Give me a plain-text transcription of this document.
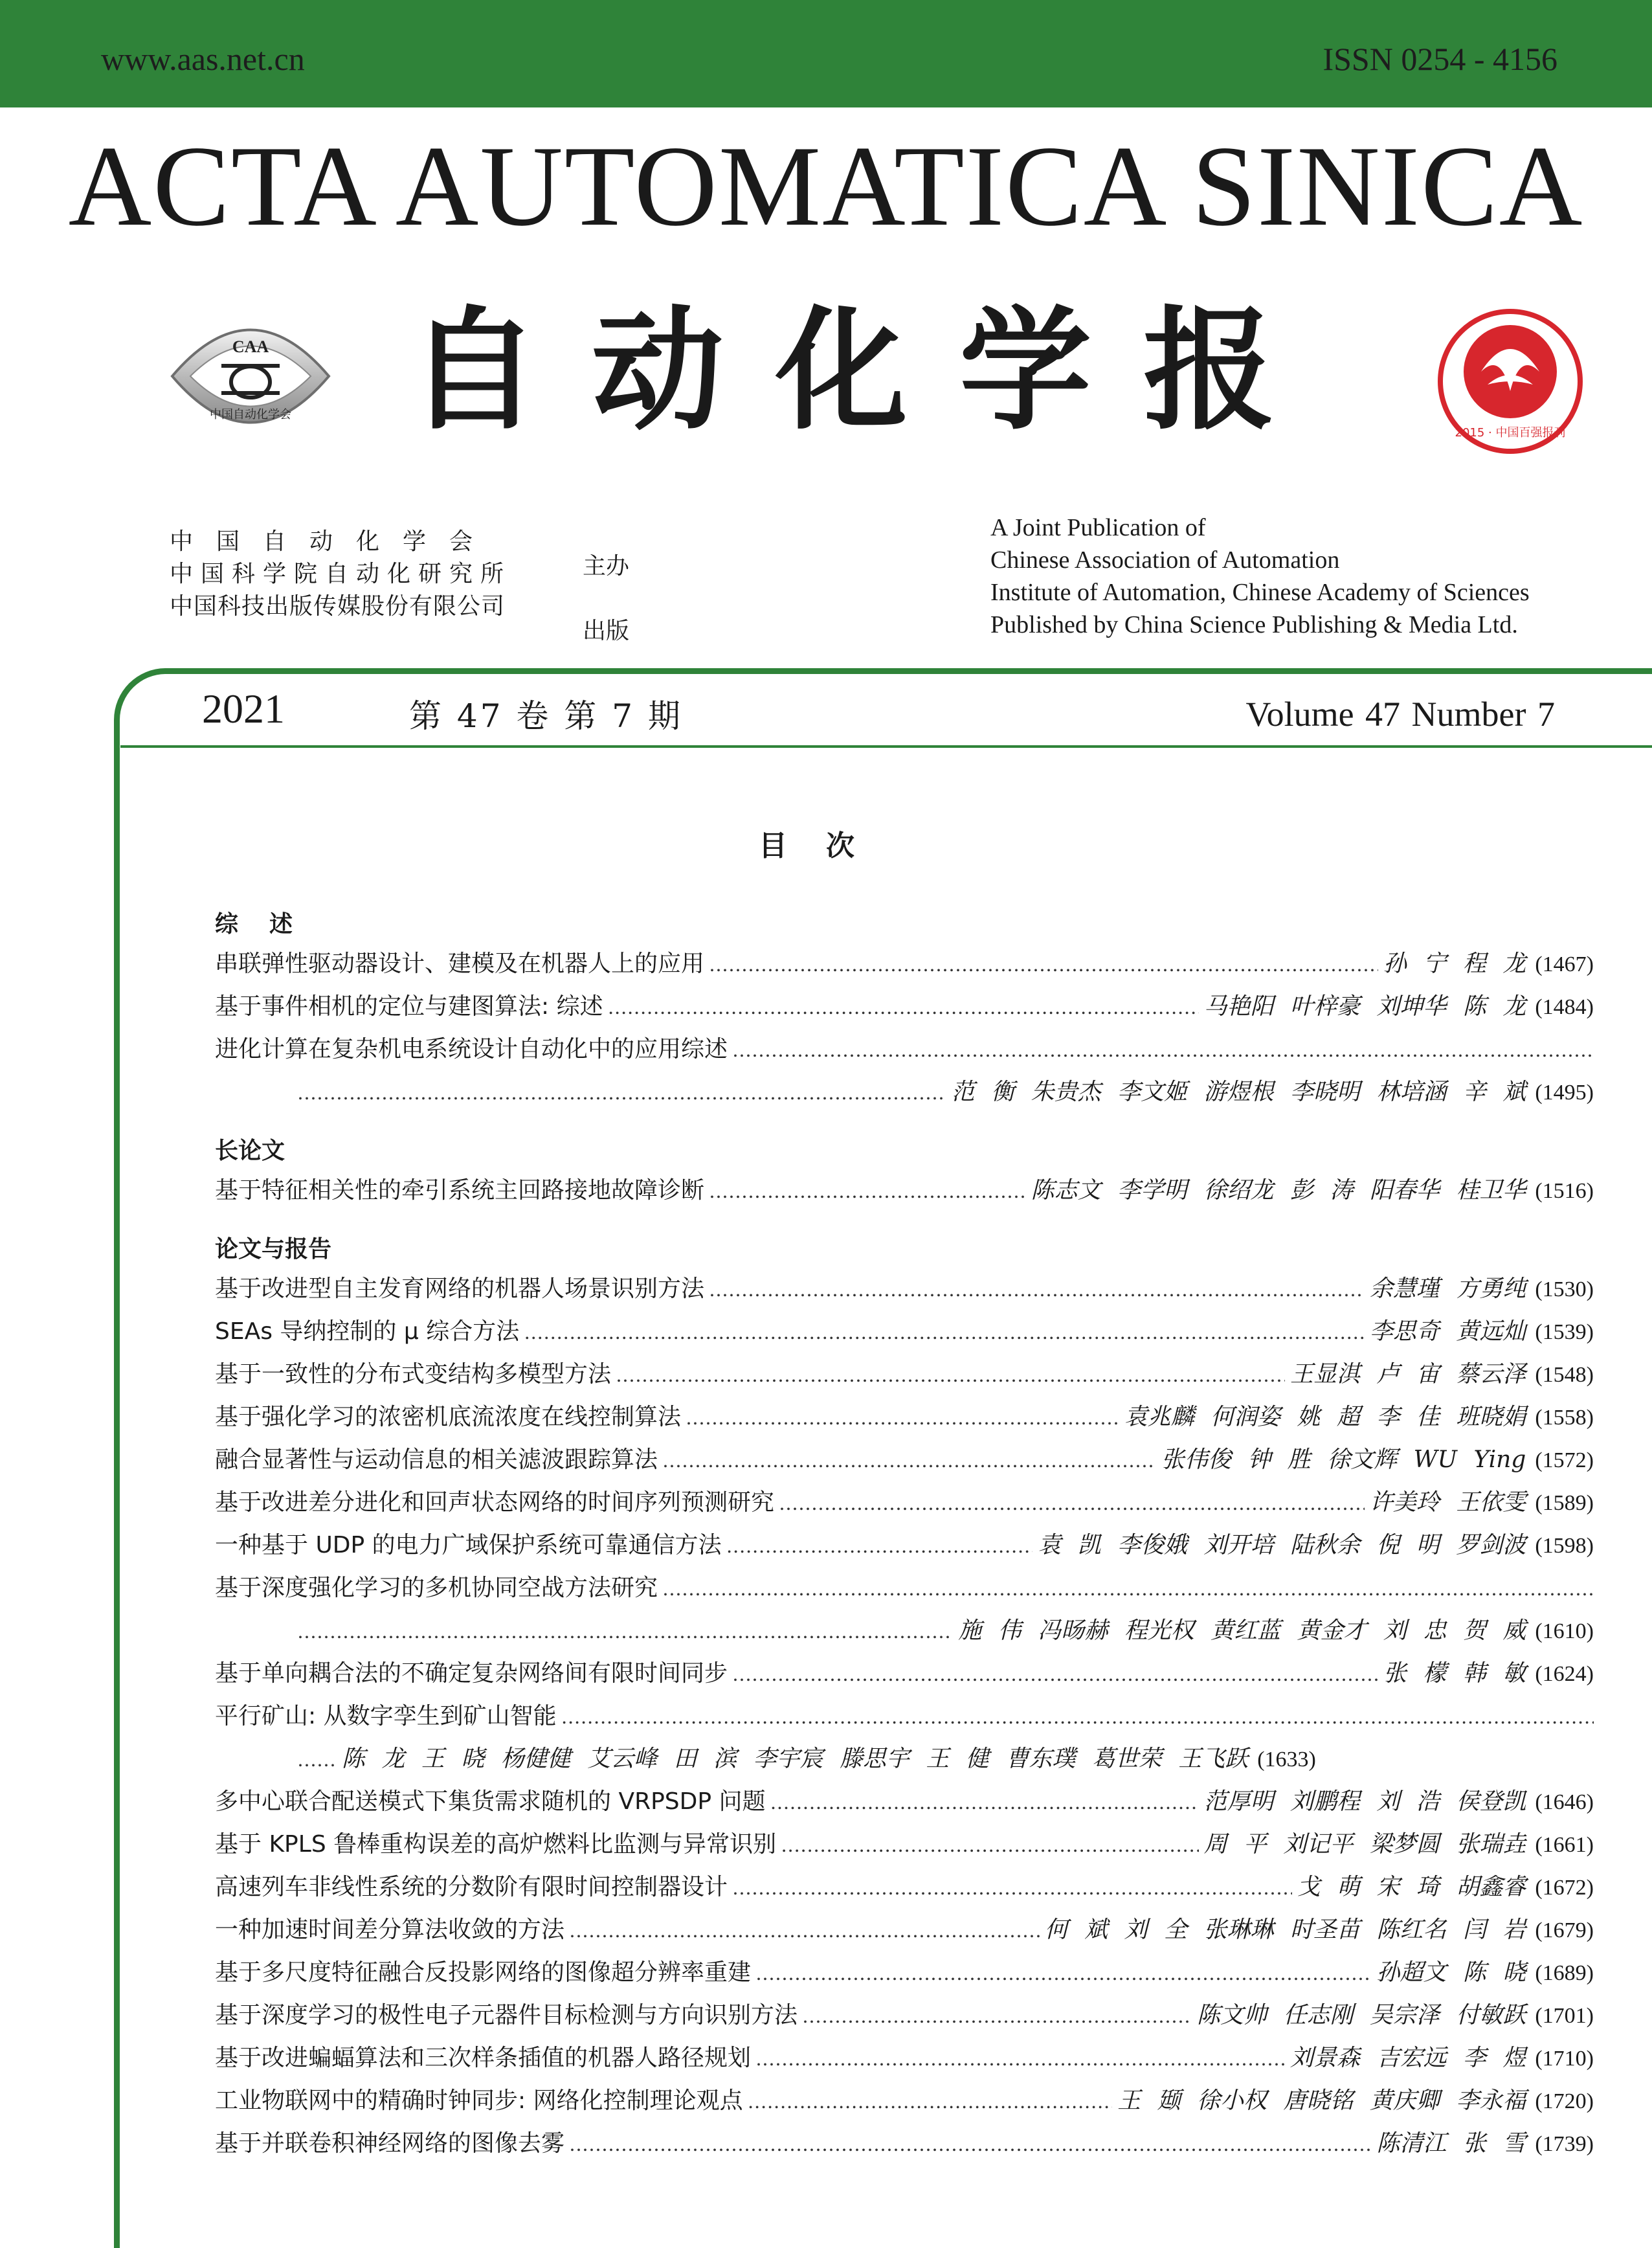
www.aas.net.cn	ISSN 0254 - 4156
ACTA AUTOMATICA SINICA
CAA
中国自动化学会 自动化学报	2015 · 中国百强报刊
中国自动化学会
中国科学院自动化研究所
中国科技出版传媒股份有限公司
主办
出版
A Joint Publication of
Chinese Association of Automation
Institute of Automation, Chinese Academy of Sciences
Published by China Science Publishing & Media Ltd.
2021	第 47 卷 第 7 期	Volume 47 Number 7
目次
综述
串联弹性驱动器设计、建模及在机器人上的应用 .....	孙 宁 程 龙 (1467)
基于事件相机的定位与建图算法: 综述 .....	马艳阳 叶梓豪 刘坤华 陈 龙 (1484)
进化计算在复杂机电系统设计自动化中的应用综述
.....
.....
范 衡 朱贵杰 李文姬 游煜根 李晓明 林培涵 辛 斌 (1495)
长论文
基于特征相关性的牵引系统主回路接地故障诊断 .....	陈志文 李学明 徐绍龙 彭 涛 阳春华 桂卫华 (1516)
论文与报告
基于改进型自主发育网络的机器人场景识别方法 .....	余慧瑾 方勇纯 (1530)
SEAs 导纳控制的 μ 综合方法 .....	李思奇 黄远灿 (1539)
基于一致性的分布式变结构多模型方法 .....	王显淇 卢 宙 蔡云泽 (1548)
基于强化学习的浓密机底流浓度在线控制算法 .....	袁兆麟 何润姿 姚 超 李 佳 班晓娟 (1558)
融合显著性与运动信息的相关滤波跟踪算法 .....	张伟俊 钟 胜 徐文辉 WU Ying (1572)
基于改进差分进化和回声状态网络的时间序列预测研究 .....	许美玲 王依雯 (1589)
一种基于 UDP 的电力广域保护系统可靠通信方法 .....	袁 凯 李俊娥 刘开培 陆秋余 倪 明 罗剑波 (1598)
基于深度强化学习的多机协同空战方法研究
.....
.....
施 伟 冯旸赫 程光权 黄红蓝 黄金才 刘 忠 贺 威 (1610)
基于单向耦合法的不确定复杂网络间有限时间同步 .....	张 檬 韩 敏 (1624)
平行矿山: 从数字孪生到矿山智能
.....
.....
陈 龙 王 晓 杨健健 艾云峰 田 滨 李宇宸 滕思宇 王 健 曹东璞 葛世荣 王飞跃 (1633)
多中心联合配送模式下集货需求随机的 VRPSDP 问题 .....	范厚明 刘鹏程 刘 浩 侯登凯 (1646)
基于 KPLS 鲁棒重构误差的高炉燃料比监测与异常识别 .....	周 平 刘记平 梁梦圆 张瑞垚 (1661)
高速列车非线性系统的分数阶有限时间控制器设计 .....	戈 萌 宋 琦 胡鑫睿 (1672)
一种加速时间差分算法收敛的方法 .....	何 斌 刘 全 张琳琳 时圣苗 陈红名 闫 岩 (1679)
基于多尺度特征融合反投影网络的图像超分辨率重建 .....	孙超文 陈 晓 (1689)
基于深度学习的极性电子元器件目标检测与方向识别方法 .....	陈文帅 任志刚 吴宗泽 付敏跃 (1701)
基于改进蝙蝠算法和三次样条插值的机器人路径规划 .....	刘景森 吉宏远 李 煜 (1710)
工业物联网中的精确时钟同步: 网络化控制理论观点 .....	王 颋 徐小权 唐晓铭 黄庆卿 李永福 (1720)
基于并联卷积神经网络的图像去雾 .....	陈清江 张 雪 (1739)
